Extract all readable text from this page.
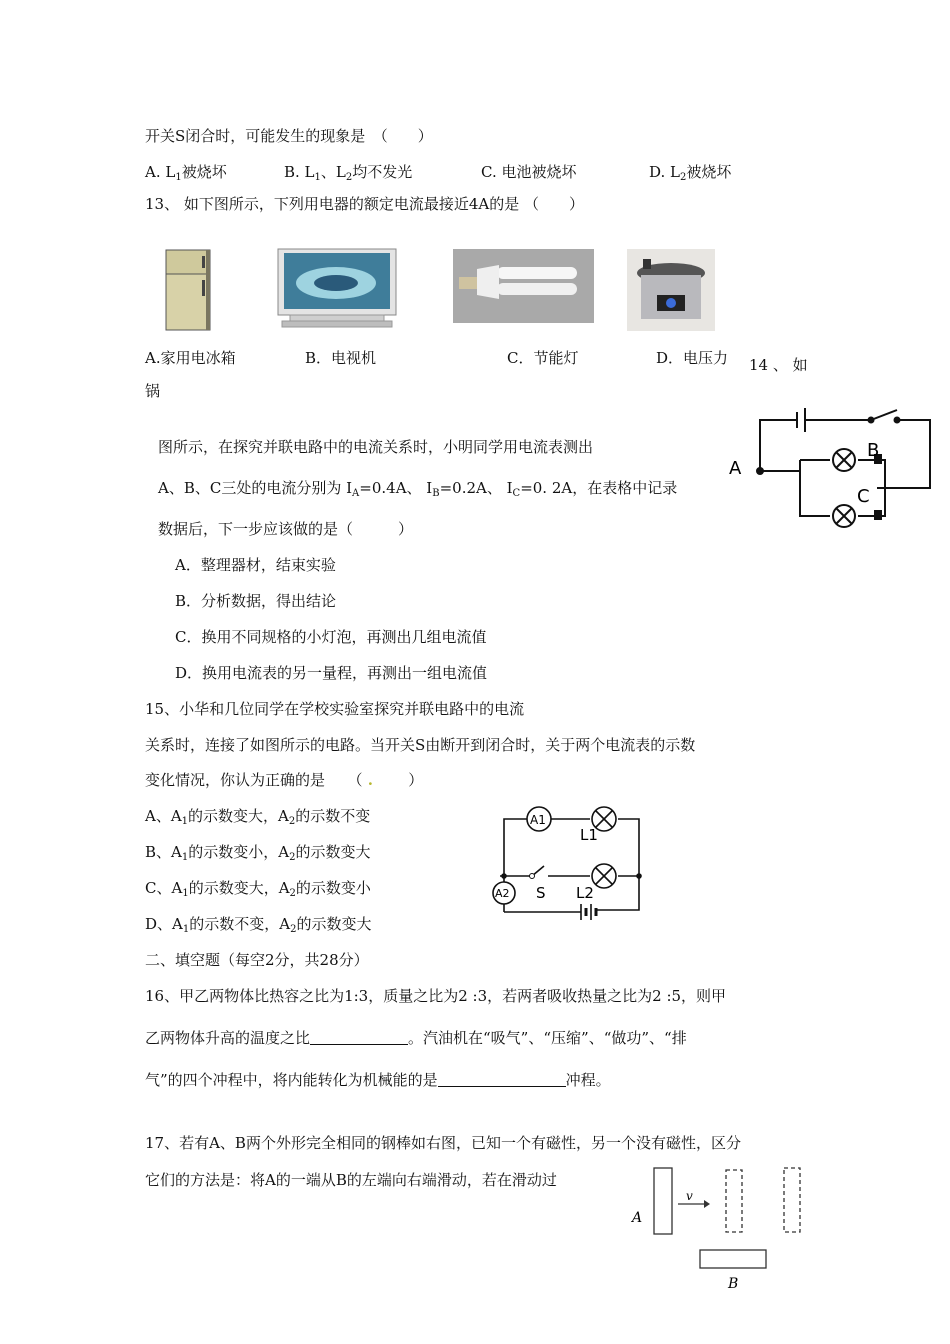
开关S闭合时，可能发生的现象是　（　　）
A. $L_1$被烧坏	B. $L_1$、$L_2$均不发光	C. 电池被烧坏	D. $L_2$被烧坏
13、 如下图所示，下列用电器的额定电流最接近4A的是 （　　）
A.家用电冰箱	B．电视机	C．节能灯	D．电压力 14 、 如
锅
图所示，在探究并联电路中的电流关系时，小明同学用电流表测出
A、B、C三处的电流分别为 $I_A=0.4A$、 $I_B=0.2A$、 $I_C=0$. 2A，在表格中记录
数据后，下一步应该做的是（　　　）
A．整理器材，结束实验
B．分析数据，得出结论
C．换用不同规格的小灯泡，再测出几组电流值
D．换用电流表的另一量程，再测出一组电流值
A
B
C
15、小华和几位同学在学校实验室探究并联电路中的电流
关系时，连接了如图所示的电路。当开关S由断开到闭合时，关于两个电流表的示数
变化情况，你认为正确的是　　（ . 　　）
A、$A_1$的示数变大，$A_2$的示数不变
B、$A_1$的示数变小，$A_2$的示数变大
C、$A_1$的示数变大，$A_2$的示数变小
D、$A_1$的示数不变，$A_2$的示数变大
A1
L1
S L2
A2
二、填空题（每空2分，共28分）
16、甲乙两物体比热容之比为1:3，质量之比为2 :3，若两者吸收热量之比为2 :5，则甲
乙两物体升高的温度之比	。汽油机在“吸气”、“压缩”、“做功”、“排
气”的四个冲程中，将内能转化为机械能的是	冲程。
17、若有A、B两个外形完全相同的钢棒如右图，已知一个有磁性，另一个没有磁性，区分
它们的方法是：将A的一端从B的左端向右端滑动，若在滑动过
A
v
B
